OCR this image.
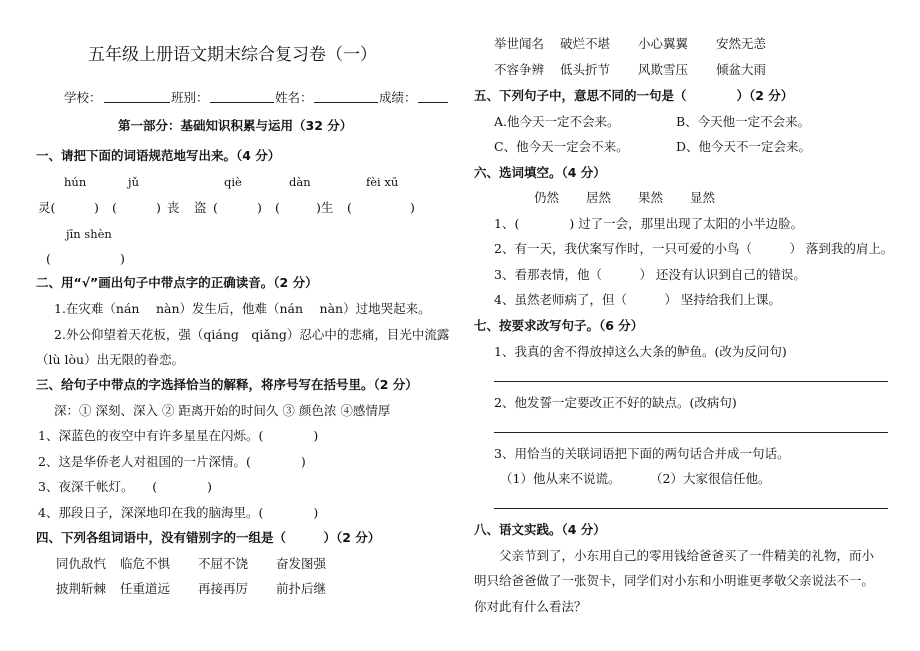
五年级上册语文期末综合复习卷（一）
学校：	班别：	姓名：	成绩：
第一部分：基础知识积累与运用（32 分）
一、请把下面的词语规范地写出来。（4 分）
hún	jǔ	qiè	dàn	fèi xū
灵(	) (	) 丧 盗 (	) (	)生 (	)
jīn shèn
(	)
二、用“√”画出句子中带点字的正确读音。（2 分）
1.在灾难（nán　 nàn）发生后，他难（nán　 nàn）过地哭起来。
2.外公仰望着天花板，强（qiáng　qiǎng）忍心中的悲痛，目光中流露
（lù lòu）出无限的眷恋。
三、给句子中带点的字选择恰当的解释，将序号写在括号里。（2 分）
深：① 深刻、深入 ② 距离开始的时间久 ③ 颜色浓 ④感情厚
1、深蓝色的夜空中有许多星星在闪烁。(　　　　)
2、这是华侨老人对祖国的一片深情。(　　　　)
3、夜深千帐灯。　　(　　　　)
4、那段日子，深深地印在我的脑海里。(　　　　)
四、下列各组词语中，没有错别字的一组是（　　　）（2 分）
同仇敌忾 临危不惧 不屈不饶 奋发图强
披荆斩棘 任重道远 再接再厉 前扑后继
举世闻名 破烂不堪 小心翼翼 安然无恙
不容争辨 低头折节 风欺雪压 倾盆大雨
五、下列句子中，意思不同的一句是（　　　　）（2 分）
A.他今天一定不会来。	B、今天他一定不会来。
C、他今天一定会不来。	D、他今天不一定会来。
六、选词填空。（4 分）
仍然 居然 果然 显然
1、(　　　　) 过了一会，那里出现了太阳的小半边脸。
2、有一天，我伏案写作时，一只可爱的小鸟（　　　） 落到我的肩上。
3、看那表情，他（　　　） 还没有认识到自己的错误。
4、虽然老师病了，但（　　　） 坚持给我们上课。
七、按要求改写句子。（6 分）
1、我真的舍不得放掉这么大条的鲈鱼。(改为反问句)
2、他发誓一定要改正不好的缺点。(改病句)
3、用恰当的关联词语把下面的两句话合并成一句话。
（1）他从来不说谎。 （2）大家很信任他。
八、语文实践。（4 分）
　　父亲节到了，小东用自己的零用钱给爸爸买了一件精美的礼物，而小
明只给爸爸做了一张贺卡，同学们对小东和小明谁更孝敬父亲说法不一。
你对此有什么看法？
